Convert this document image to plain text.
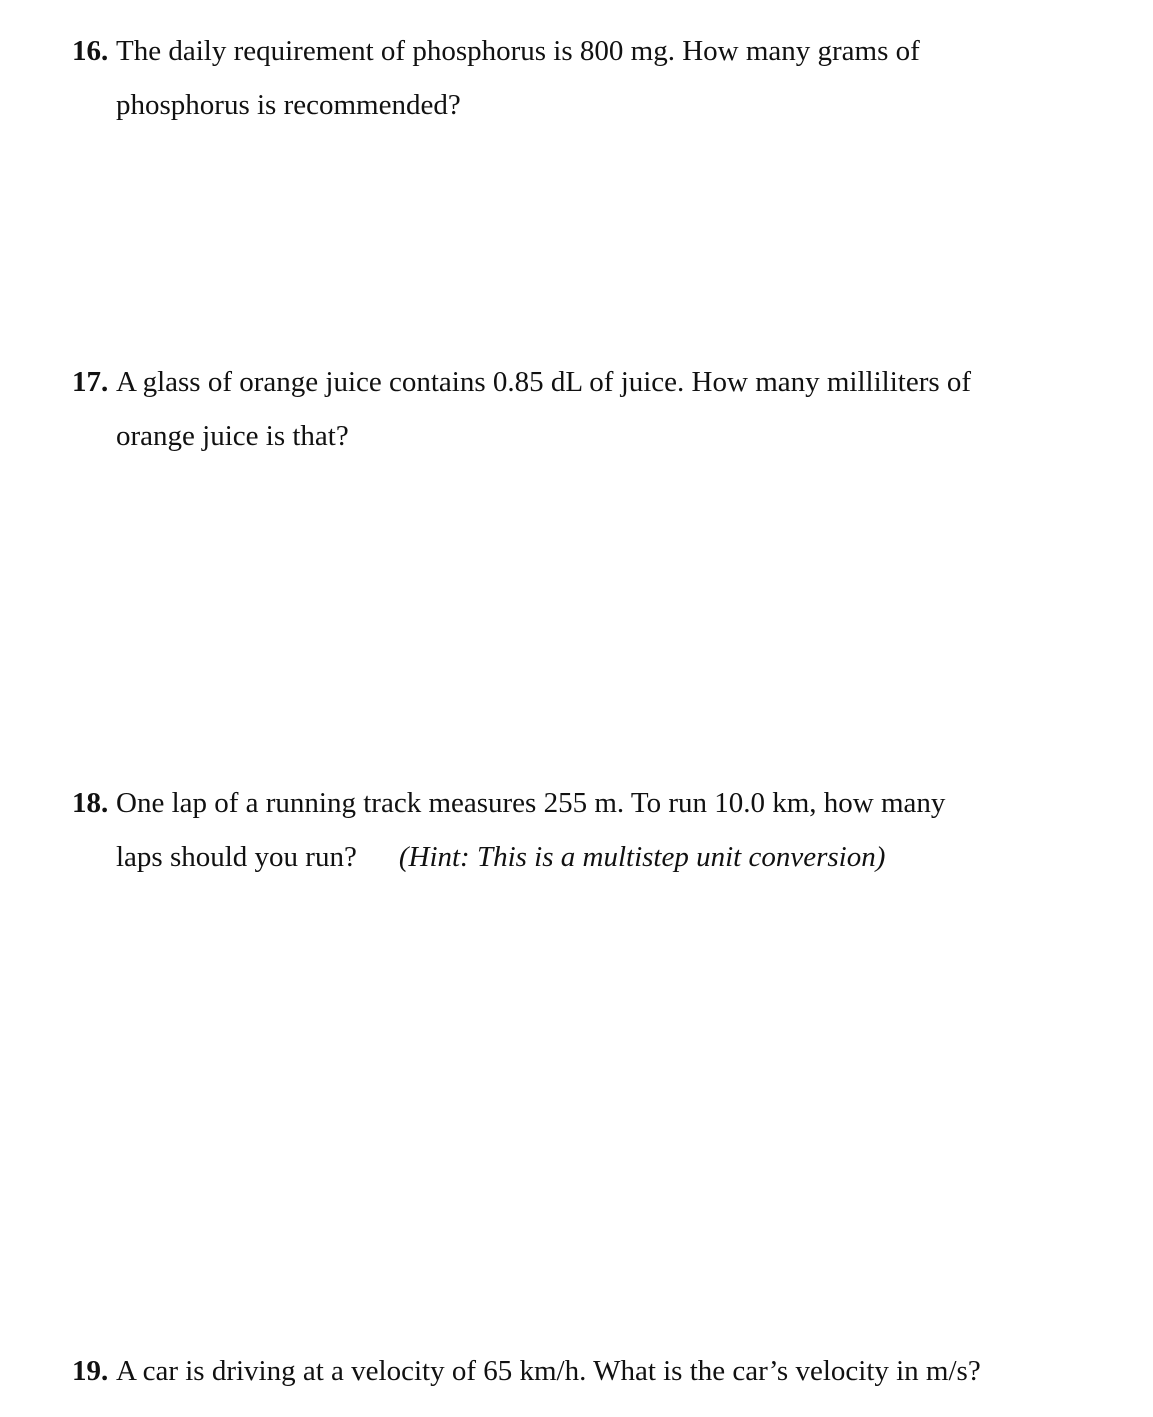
16. The daily requirement of phosphorus is 800 mg. How many grams of
phosphorus is recommended?
17. A glass of orange juice contains 0.85 dL of juice. How many milliliters of
orange juice is that?
18. One lap of a running track measures 255 m. To run 10.0 km, how many
laps should you run? (Hint: This is a multistep unit conversion)
19. A car is driving at a velocity of 65 km/h. What is the car’s velocity in m/s?
